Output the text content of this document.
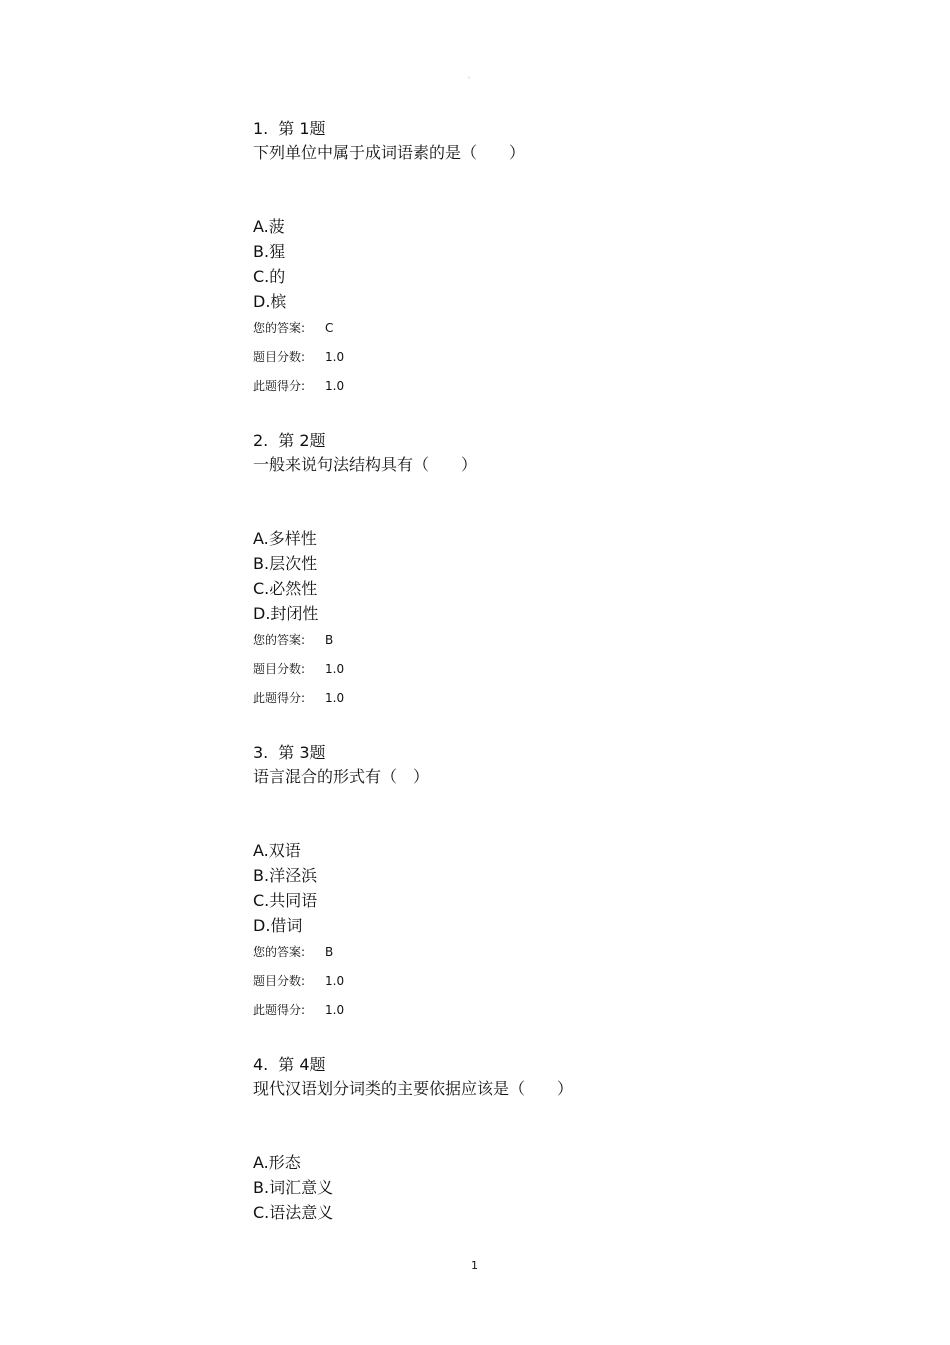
。
1. 第 1题
下列单位中属于成词语素的是（　　）
A.菠
B.猩
C.的
D.槟
您的答案: C
题目分数: 1.0
此题得分: 1.0
2. 第 2题
一般来说句法结构具有（　　）
A.多样性
B.层次性
C.必然性
D.封闭性
您的答案: B
题目分数: 1.0
此题得分: 1.0
3. 第 3题
语言混合的形式有（　）
A.双语
B.洋泾浜
C.共同语
D.借词
您的答案: B
题目分数: 1.0
此题得分: 1.0
4. 第 4题
现代汉语划分词类的主要依据应该是（　　）
A.形态
B.词汇意义
C.语法意义
1
